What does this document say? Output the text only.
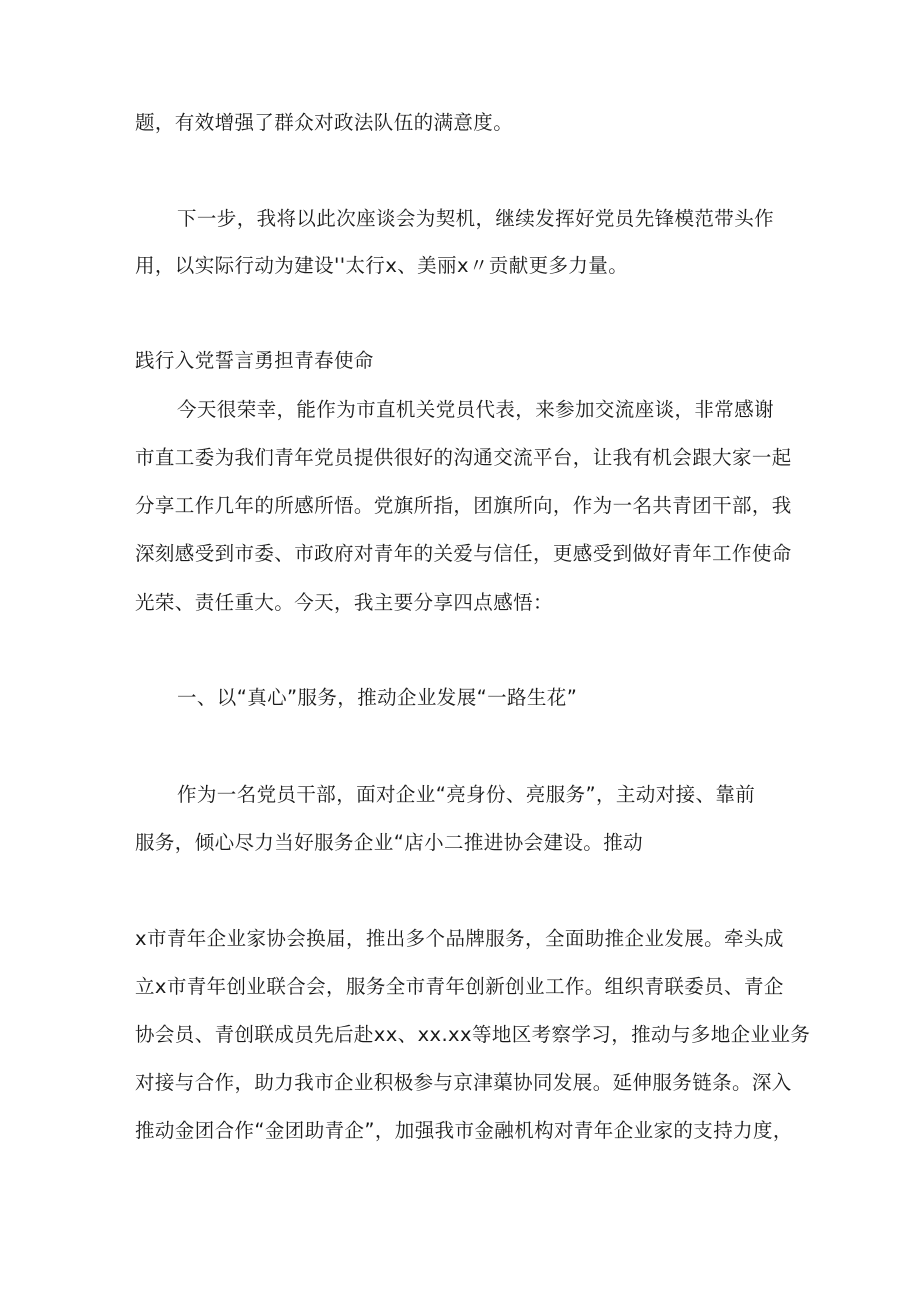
题，有效增强了群众对政法队伍的满意度。
下一步，我将以此次座谈会为契机，继续发挥好党员先锋模范带头作
用，以实际行动为建设''太行x、美丽x〃贡献更多力量。
践行入党誓言勇担青春使命
今天很荣幸，能作为市直机关党员代表，来参加交流座谈，非常感谢
市直工委为我们青年党员提供很好的沟通交流平台，让我有机会跟大家一起
分享工作几年的所感所悟。党旗所指，团旗所向，作为一名共青团干部，我
深刻感受到市委、市政府对青年的关爱与信任，更感受到做好青年工作使命
光荣、责任重大。今天，我主要分享四点感悟：
一、以“真心”服务，推动企业发展“一路生花”
作为一名党员干部，面对企业“亮身份、亮服务”，主动对接、靠前
服务，倾心尽力当好服务企业“店小二推进协会建设。推动
x市青年企业家协会换届，推出多个品牌服务，全面助推企业发展。牵头成
立x市青年创业联合会，服务全市青年创新创业工作。组织青联委员、青企
协会员、青创联成员先后赴xx、xx.xx等地区考察学习，推动与多地企业业务
对接与合作，助力我市企业积极参与京津蕖协同发展。延伸服务链条。深入
推动金团合作“金团助青企”，加强我市金融机构对青年企业家的支持力度，
